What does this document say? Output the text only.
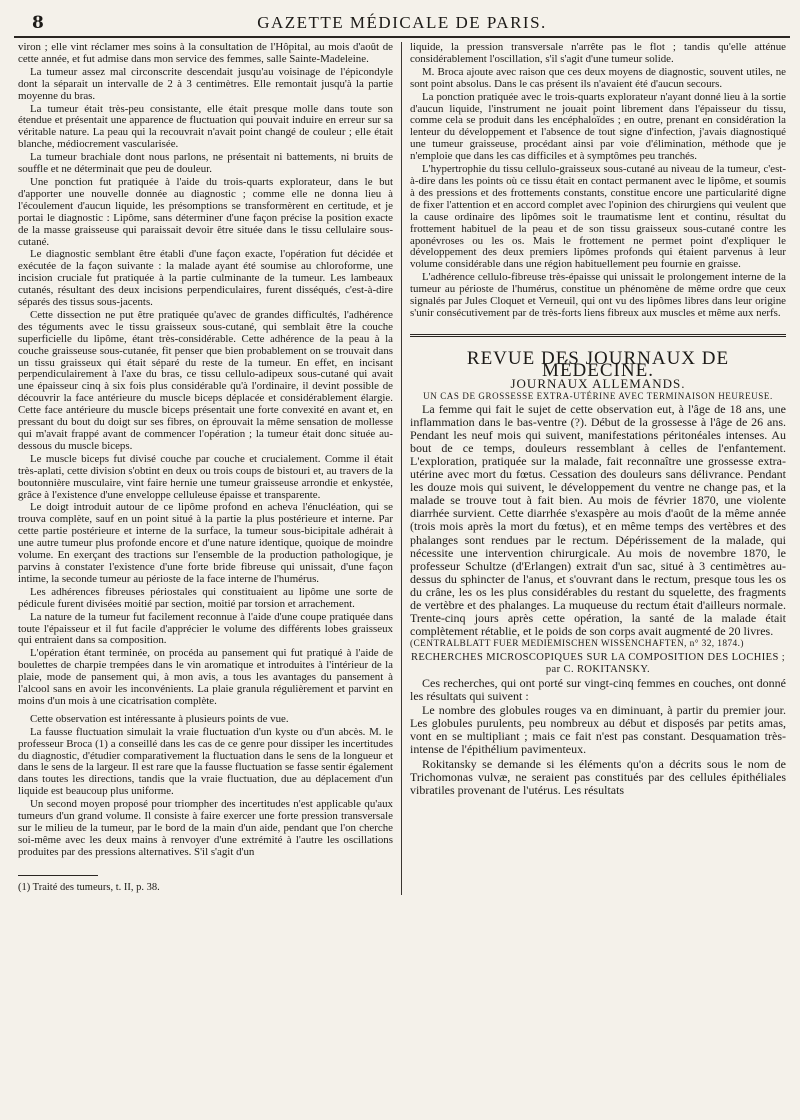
8	GAZETTE MÉDICALE DE PARIS.

viron ; elle vint réclamer mes soins à la consultation de l'Hôpital, au mois d'août de cette année, et fut admise dans mon service des femmes, salle Sainte-Madeleine.

La tumeur assez mal circonscrite descendait jusqu'au voisinage de l'épicondyle dont la séparait un intervalle de 2 à 3 centimètres. Elle remontait jusqu'à la partie moyenne du bras.

La tumeur était très-peu consistante, elle était presque molle dans toute son étendue et présentait une apparence de fluctuation qui pouvait induire en erreur sur sa véritable nature. La peau qui la recouvrait n'avait point changé de couleur ; elle était blanche, médiocrement vascularisée.

La tumeur brachiale dont nous parlons, ne présentait ni battements, ni bruits de souffle et ne déterminait que peu de douleur.

Une ponction fut pratiquée à l'aide du trois-quarts explorateur, dans le but d'apporter une nouvelle donnée au diagnostic ; comme elle ne donna lieu à l'écoulement d'aucun liquide, les présomptions se transformèrent en certitude, et je portai le diagnostic : Lipôme, sans déterminer d'une façon précise la position exacte de la masse graisseuse qui paraissait devoir être située dans le tissu cellulaire sous-cutané.

Le diagnostic semblant être établi d'une façon exacte, l'opération fut décidée et exécutée de la façon suivante : la malade ayant été soumise au chloroforme, une incision cruciale fut pratiquée à la partie culminante de la tumeur. Les lambeaux cutanés, résultant des deux incisions perpendiculaires, furent disséqués, c'est-à-dire séparés des tissus sous-jacents.

Cette dissection ne put être pratiquée qu'avec de grandes difficultés, l'adhérence des téguments avec le tissu graisseux sous-cutané, qui semblait être la couche superficielle du lipôme, étant très-considérable. Cette adhérence de la peau à la couche graisseuse sous-cutanée, fit penser que bien probablement on se trouvait dans un tissu graisseux qui était séparé du reste de la tumeur. En effet, en incisant perpendiculairement à l'axe du bras, ce tissu cellulo-adipeux sous-cutané qui avait une épaisseur cinq à six fois plus considérable qu'à l'ordinaire, il devint possible de découvrir la face antérieure du muscle biceps déplacée et considérablement élargie. Cette face antérieure du muscle biceps présentait une forte convexité en avant et, en pressant du bout du doigt sur ses fibres, on éprouvait la même sensation de mollesse qui m'avait frappé avant de commencer l'opération ; la tumeur était donc située au-dessous du muscle biceps.

Le muscle biceps fut divisé couche par couche et crucialement. Comme il était très-aplati, cette division s'obtint en deux ou trois coups de bistouri et, au travers de la boutonnière musculaire, vint faire hernie une tumeur graisseuse arrondie et enkystée, grâce à l'existence d'une enveloppe celluleuse épaisse et transparente.

Le doigt introduit autour de ce lipôme profond en acheva l'énucléation, qui se trouva complète, sauf en un point situé à la partie la plus postérieure et interne. Par cette partie postérieure et interne de la surface, la tumeur sous-bicipitale adhérait à une autre tumeur plus profonde encore et d'une nature identique, quoique de moindre volume. En exerçant des tractions sur l'ensemble de la production pathologique, je parvins à constater l'existence d'une forte bride fibreuse qui unissait, d'une façon intime, la seconde tumeur au périoste de la face interne de l'humérus.

Les adhérences fibreuses périostales qui constituaient au lipôme une sorte de pédicule furent divisées moitié par section, moitié par torsion et arrachement.

La nature de la tumeur fut facilement reconnue à l'aide d'une coupe pratiquée dans toute l'épaisseur et il fut facile d'apprécier le volume des différents lobes graisseux qui entraient dans sa composition.

L'opération étant terminée, on procéda au pansement qui fut pratiqué à l'aide de boulettes de charpie trempées dans le vin aromatique et introduites à l'intérieur de la plaie, mode de pansement qui, à mon avis, a tous les avantages du pansement à l'alcool sans en avoir les inconvénients. La plaie granula régulièrement et parvint en moins d'un mois à une cicatrisation complète.

Cette observation est intéressante à plusieurs points de vue.

La fausse fluctuation simulait la vraie fluctuation d'un kyste ou d'un abcès. M. le professeur Broca (1) a conseillé dans les cas de ce genre pour dissiper les incertitudes du diagnostic, d'étudier comparativement la fluctuation dans le sens de la longueur et dans le sens de la largeur. Il est rare que la fausse fluctuation se fasse sentir également dans toutes les directions, tandis que la vraie fluctuation, due au déplacement d'un liquide est beaucoup plus uniforme.

Un second moyen proposé pour triompher des incertitudes n'est applicable qu'aux tumeurs d'un grand volume. Il consiste à faire exercer une forte pression transversale sur le milieu de la tumeur, par le bord de la main d'un aide, pendant que l'on cherche soi-même avec les deux mains à renvoyer d'une extrémité à l'autre les oscillations produites par des pressions alternatives. S'il s'agit d'un

(1) Traité des tumeurs, t. II, p. 38.

liquide, la pression transversale n'arrête pas le flot ; tandis qu'elle atténue considérablement l'oscillation, s'il s'agit d'une tumeur solide.

M. Broca ajoute avec raison que ces deux moyens de diagnostic, souvent utiles, ne sont point absolus. Dans le cas présent ils n'avaient été d'aucun secours.

La ponction pratiquée avec le trois-quarts explorateur n'ayant donné lieu à la sortie d'aucun liquide, l'instrument ne jouait point librement dans l'épaisseur du tissu, comme cela se produit dans les encéphaloïdes ; en outre, prenant en considération la lenteur du développement et l'absence de tout signe d'infection, j'avais diagnostiqué une tumeur graisseuse, procédant ainsi par voie d'élimination, méthode que je n'emploie que dans les cas difficiles et à symptômes peu tranchés.

L'hypertrophie du tissu cellulo-graisseux sous-cutané au niveau de la tumeur, c'est-à-dire dans les points où ce tissu était en contact permanent avec le lipôme, et soumis à des pressions et des frottements constants, constitue encore une particularité digne de fixer l'attention et en accord complet avec l'opinion des chirurgiens qui veulent que la cause ordinaire des lipômes soit le traumatisme lent et continu, résultat du frottement habituel de la peau et de son tissu graisseux sous-cutané contre les aponévroses ou les os. Mais le frottement ne permet point d'expliquer le développement des deux premiers lipômes profonds qui étaient parvenus à leur volume considérable dans une région habituellement peu fournie en graisse.

L'adhérence cellulo-fibreuse très-épaisse qui unissait le prolongement interne de la tumeur au périoste de l'humérus, constitue un phénomène de même ordre que ceux signalés par Jules Cloquet et Verneuil, qui ont vu des lipômes libres dans leur origine s'unir consécutivement par de très-forts liens fibreux aux muscles et même aux nerfs.

REVUE DES JOURNAUX DE MÉDECINE.

JOURNAUX ALLEMANDS.

UN CAS DE GROSSESSE EXTRA-UTÉRINE AVEC TERMINAISON HEUREUSE.

La femme qui fait le sujet de cette observation eut, à l'âge de 18 ans, une inflammation dans le bas-ventre (?). Début de la grossesse à l'âge de 26 ans. Pendant les neuf mois qui suivent, manifestations péritonéales intenses. Au bout de ce temps, douleurs ressemblant à celles de l'enfantement. L'exploration, pratiquée sur la malade, fait reconnaître une grossesse extra-utérine avec mort du fœtus. Cessation des douleurs sans délivrance. Pendant les douze mois qui suivent, le développement du ventre ne change pas, et la malade se trouve tout à fait bien. Au mois de février 1870, une violente diarrhée survient. Cette diarrhée s'exaspère au mois d'août de la même année (trois mois après la mort du fœtus), et en même temps des vertèbres et des phalanges sont rendues par le rectum. Dépérissement de la malade, qui nécessite une intervention chirurgicale. Au mois de novembre 1870, le professeur Schultze (d'Erlangen) extrait d'un sac, situé à 3 centimètres au-dessus du sphincter de l'anus, et s'ouvrant dans le rectum, presque tous les os du crâne, les os les plus considérables du restant du squelette, des fragments de vertèbre et des phalanges. La muqueuse du rectum était d'ailleurs normale. Trente-cinq jours après cette opération, la santé de la malade était complètement rétablie, et le poids de son corps avait augmenté de 20 livres.

(CENTRALBLATT FUER MEDIEMISCHEN WISSENCHAFTEN, n° 32, 1874.)

RECHERCHES MICROSCOPIQUES SUR LA COMPOSITION DES LOCHIES ; par C. ROKITANSKY.

Ces recherches, qui ont porté sur vingt-cinq femmes en couches, ont donné les résultats qui suivent :

Le nombre des globules rouges va en diminuant, à partir du premier jour. Les globules purulents, peu nombreux au début et disposés par petits amas, vont en se multipliant ; mais ce fait n'est pas constant. Desquamation très-intense de l'épithélium pavimenteux.

Rokitansky se demande si les éléments qu'on a décrits sous le nom de Trichomonas vulvæ, ne seraient pas constitués par des cellules épithéliales vibratiles provenant de l'utérus. Les résultats
